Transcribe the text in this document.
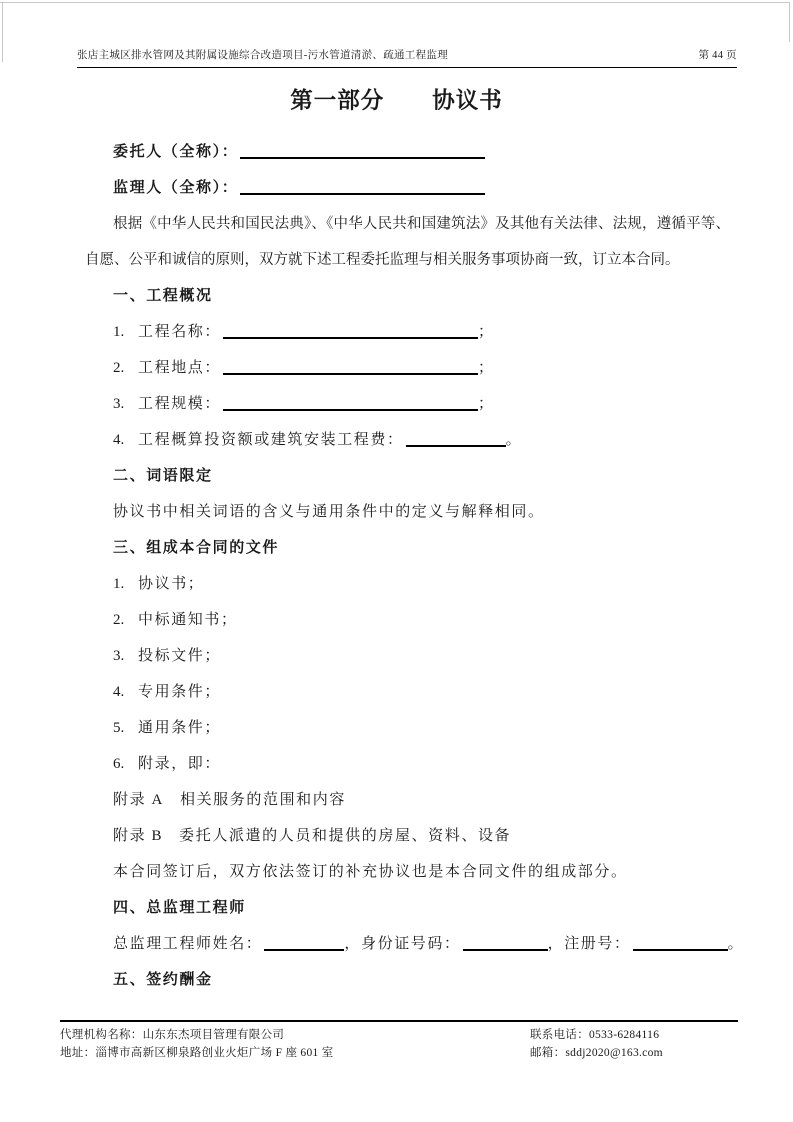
张店主城区排水管网及其附属设施综合改造项目-污水管道清淤、疏通工程监理	第 44 页
第一部分 协议书
委托人（全称）：
监理人（全称）：
根据《中华人民共和国民法典》、《中华人民共和国建筑法》及其他有关法律、法规，遵循平等、自愿、公平和诚信的原则，双方就下述工程委托监理与相关服务事项协商一致，订立本合同。
一、工程概况
1. 工程名称：	；
2. 工程地点：	；
3. 工程规模：	；
4. 工程概算投资额或建筑安装工程费：	。
二、词语限定
协议书中相关词语的含义与通用条件中的定义与解释相同。
三、组成本合同的文件
1. 协议书；
2. 中标通知书；
3. 投标文件；
4. 专用条件；
5. 通用条件；
6. 附录，即：
附录 A 相关服务的范围和内容
附录 B 委托人派遣的人员和提供的房屋、资料、设备
本合同签订后，双方依法签订的补充协议也是本合同文件的组成部分。
四、总监理工程师
总监理工程师姓名：	，身份证号码：	，注册号：	。
五、签约酬金
代理机构名称：山东东杰项目管理有限公司
地址：淄博市高新区柳泉路创业火炬广场 F 座 601 室
联系电话：0533-6284116
邮箱：sddj2020@163.com
